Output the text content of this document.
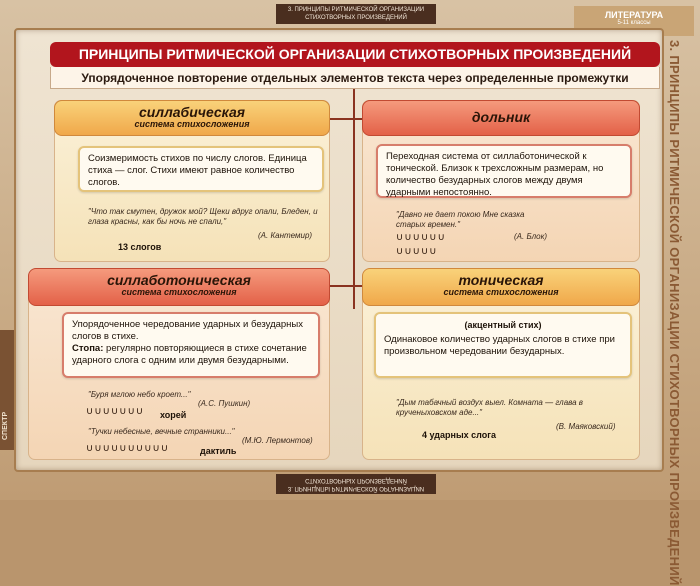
3. ПРИНЦИПЫ РИТМИЧЕСКОЙ ОРГАНИЗАЦИИ СТИХОТВОРНЫХ ПРОИЗВЕДЕНИЙ	ЛИТЕРАТУРА
5-11 классы
3. ПРИНЦИПЫ РИТМИЧЕСКОЙ ОРГАНИЗАЦИИ СТИХОТВОРНЫХ ПРОИЗВЕДЕНИЙ
СПЕКТР
ПРИНЦИПЫ РИТМИЧЕСКОЙ ОРГАНИЗАЦИИ СТИХОТВОРНЫХ ПРОИЗВЕДЕНИЙ
Упорядоченное повторение отдельных элементов текста через определенные промежутки
силлабическая
система стихосложения
Соизмеримость стихов по числу слогов. Единица стиха — слог. Стихи имеют равное количество слогов.
"Что так смутен, дружок мой? Щеки вдруг опали, Бледен, и глаза красны, как бы ночь не спали,"
(А. Кантемир)
13 слогов
дольник
Переходная система от силлаботонической к тонической. Близок к трехсложным размерам, но количество безударных слогов между двумя ударными непостоянно.
"Давно не дает покою Мне сказка старых времен."
(А. Блок)
∪∪∪∪∪∪
∪∪∪∪∪
силлаботоническая
система стихосложения
Упорядоченное чередование ударных и безударных слогов в стихе.
Стопа: регулярно повторяющиеся в стихе сочетание ударного слога с одним или двумя безударными.
"Буря мглою небо кроет..."
(А.С. Пушкин)
∪∪∪∪∪∪∪ хорей
"Тучки небесные, вечные странники..."
(М.Ю. Лермонтов)
∪∪∪∪∪∪∪∪∪∪	дактиль
тоническая
система стихосложения
(акцентный стих)
Одинаковое количество ударных слогов в стихе при произвольном чередовании безударных.
"Дым табачный воздух выел. Комната — глава в крученыховском аде..."
(В. Маяковский)
4 ударных слога
3. ПРИНЦИПЫ РИТМИЧЕСКОЙ ОРГАНИЗАЦИИ СТИХОТВОРНЫХ ПРОИЗВЕДЕНИЙ
